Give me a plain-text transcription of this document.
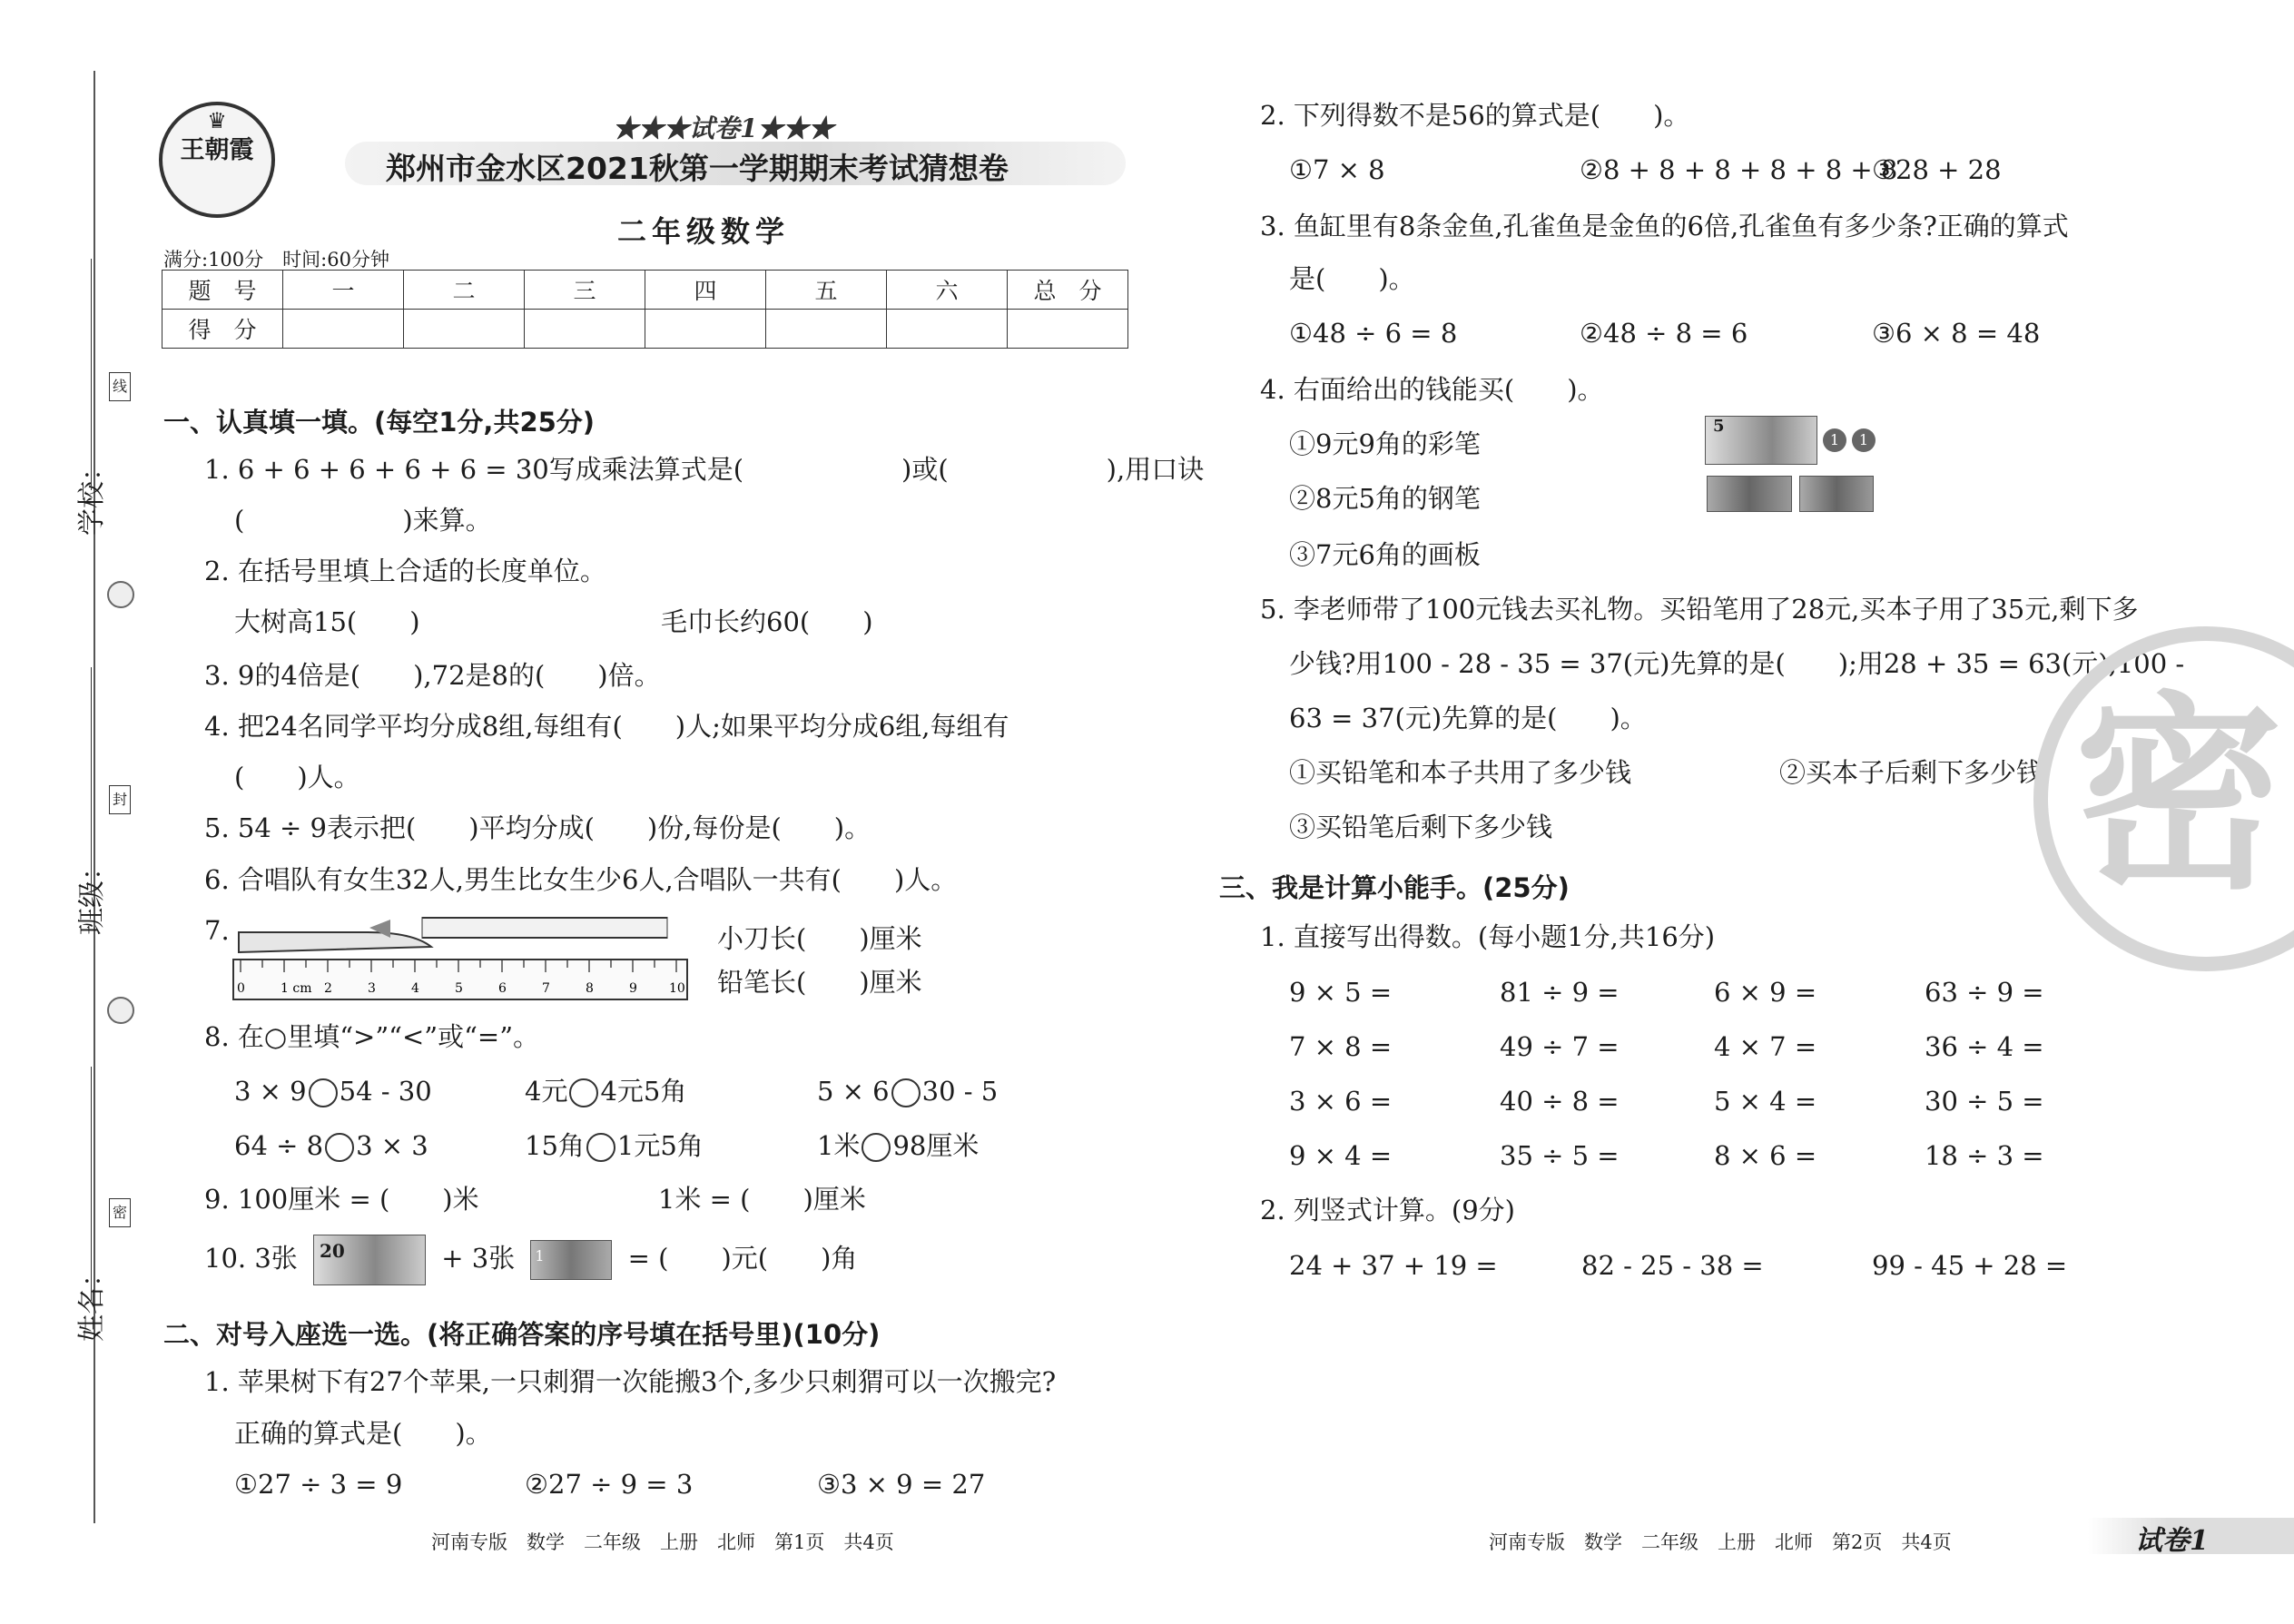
线
封
密
学校：
班级：
姓名：
♛
王朝霞
★★★试卷1★★★
郑州市金水区2021秋第一学期期末考试猜想卷
二年级数学
满分:100分　时间:60分钟
题　号	一	二	三	四	五	六	总　分
得　分							
一、认真填一填。(每空1分,共25分)
1. 6 + 6 + 6 + 6 + 6 = 30写成乘法算式是(　　　　　　)或(　　　　　　),用口诀
(　　　　　　)来算。
2. 在括号里填上合适的长度单位。
大树高15(　　)	毛巾长约60(　　)
3. 9的4倍是(　　),72是8的(　　)倍。
4. 把24名同学平均分成8组,每组有(　　)人;如果平均分成6组,每组有
(　　)人。
5. 54 ÷ 9表示把(　　)平均分成(　　)份,每份是(　　)。
6. 合唱队有女生32人,男生比女生少6人,合唱队一共有(　　)人。
7.
0	1 cm 2	3	4	5	6	7	8	9	10
小刀长(　　)厘米
铅笔长(　　)厘米
8. 在○里填“>”“<”或“=”。
3 × 9 54 - 30	4元 4元5角	5 × 6 30 - 5
64 ÷ 8 3 × 3	15角 1元5角	1米 98厘米
9. 100厘米 = (　　)米	1米 = (　　)厘米
10. 3张 20	+ 3张 1	= (　　)元(　　)角
二、对号入座选一选。(将正确答案的序号填在括号里)(10分)
1. 苹果树下有27个苹果,一只刺猬一次能搬3个,多少只刺猬可以一次搬完?
正确的算式是(　　)。
①27 ÷ 3 = 9	②27 ÷ 9 = 3	③3 × 9 = 27
2. 下列得数不是56的算式是(　　)。
①7 × 8	②8 + 8 + 8 + 8 + 8 + 8
③28 + 28
3. 鱼缸里有8条金鱼,孔雀鱼是金鱼的6倍,孔雀鱼有多少条?正确的算式
是(　　)。
①48 ÷ 6 = 8	②48 ÷ 8 = 6	③6 × 8 = 48
4. 右面给出的钱能买(　　)。
①9元9角的彩笔
②8元5角的钢笔
③7元6角的画板
5
1	1
5. 李老师带了100元钱去买礼物。买铅笔用了28元,买本子用了35元,剩下多
少钱?用100 - 28 - 35 = 37(元)先算的是(　　);用28 + 35 = 63(元),100 -
63 = 37(元)先算的是(　　)。
①买铅笔和本子共用了多少钱	②买本子后剩下多少钱
③买铅笔后剩下多少钱
三、我是计算小能手。(25分)
1. 直接写出得数。(每小题1分,共16分)
9 × 5 =	81 ÷ 9 =	6 × 9 =	63 ÷ 9 =
7 × 8 =	49 ÷ 7 =	4 × 7 =	36 ÷ 4 =
3 × 6 =	40 ÷ 8 =	5 × 4 =	30 ÷ 5 =
9 × 4 =	35 ÷ 5 =	8 × 6 =	18 ÷ 3 =
2. 列竖式计算。(9分)
24 + 37 + 19 =	82 - 25 - 38 =	99 - 45 + 28 =
密
河南专版　数学　二年级　上册　北师　第1页　共4页	河南专版　数学　二年级　上册　北师　第2页　共4页	试卷1
